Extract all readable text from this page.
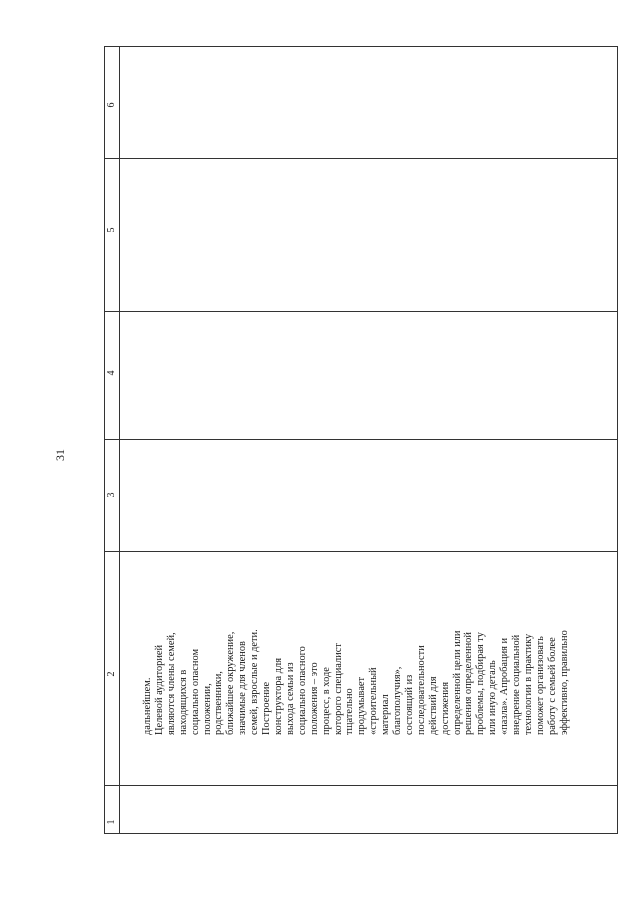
31
1
2
3
4
5
6
дальнейшем.
Целевой аудиторией
являются члены семей,
находящихся в
социально опасном
положении,
родственники,
ближайшее окружение,
значимые для членов
семей, взрослые и дети.
Построение
конструктора для
выхода семьи из
социально опасного
положения – это
процесс, в ходе
которого специалист
тщательно
продумывает
«строительный
материал
благополучия»,
состоящий из
последовательности
действий для
достижения
определенной цели или
решения определенной
проблемы, подбирая ту
или иную деталь
«пазла». Апробация и
внедрение социальной
технологии в практику
поможет организовать
работу с семьей более
эффективно, правильно
